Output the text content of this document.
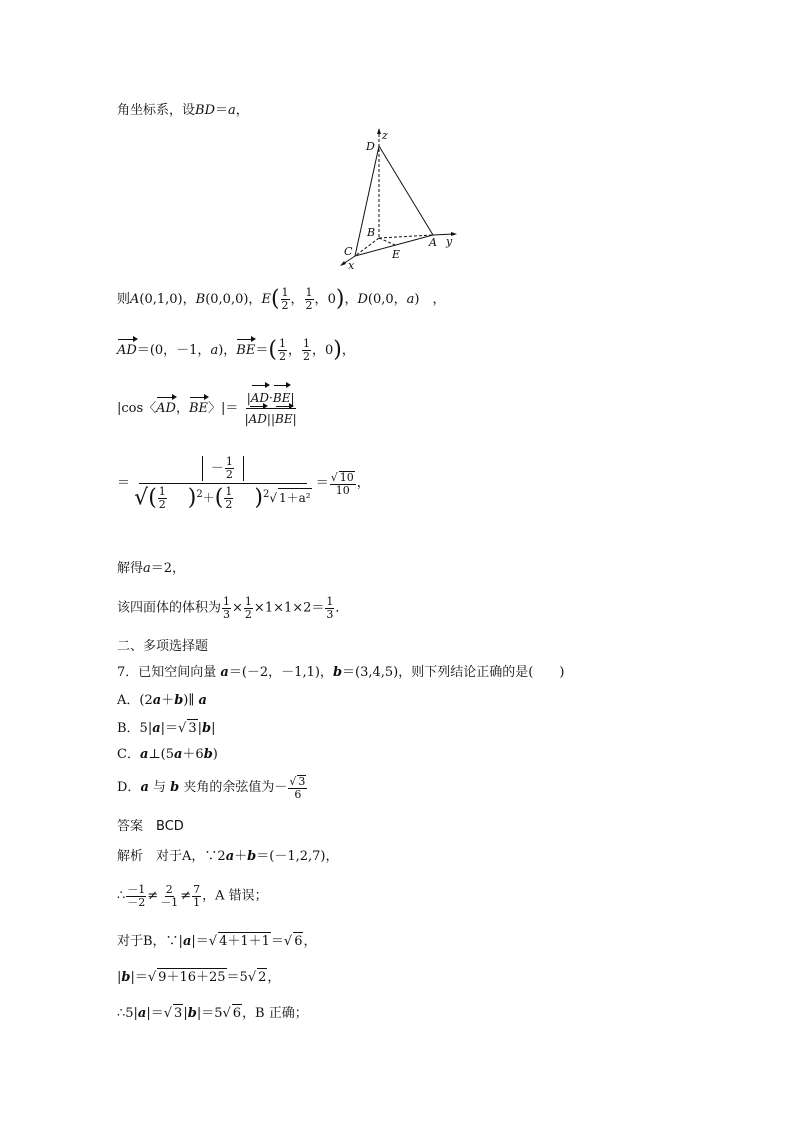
角坐标系，设BD＝a，
D
z
B
C	E
A y
x
则A(0,1,0)，B(0,0,0)，$E( \frac{1}{2}$ ， $\frac{1}{2}$ ，0)，D(0,0，a)　，
AD＝(0，－1，a)，$BE=( \frac{1}{2}$ ， $\frac{1}{2}$ ，0)，
|cos〈AD，BE〉|＝ $\frac{|AD\cdot BE|}{|AD||BE|}$
＝ $\frac{- \frac{1}{2}}{√( \frac{1}{2} )^2+( \frac{1}{2} )^2√ 1+a^2} = \frac{√ 10}{10}$ ，
解得a＝2，
该四面体的体积为 $\frac{1}{3} \times \frac{1}{2} \times 1\times 1\times 2= \frac{1}{3}$ ．
二、多项选择题
7．已知空间向量 a＝(－2，－1,1)，b＝(3,4,5)，则下列结论正确的是(　　)
A．(2a＋b)∥ a
B．5|a|＝√ 3|b|
C．a⊥(5a＋6b)
D．a 与 b 夹角的余弦值为－ $\frac{√ 3}{6}$
答案　 BCD
解析　 对于A，∵2a＋b＝(－1,2,7)，
∴ $\frac{-1}{-2} \ne \frac{2}{-1} \ne \frac{7}{1}$ ，A 错误；
对于B，∵|a|＝√ 4＋1＋1＝√ 6，
|b|＝√ 9＋16＋25＝5√ 2，
∴5|a|＝√ 3|b|＝5√ 6，B 正确；
